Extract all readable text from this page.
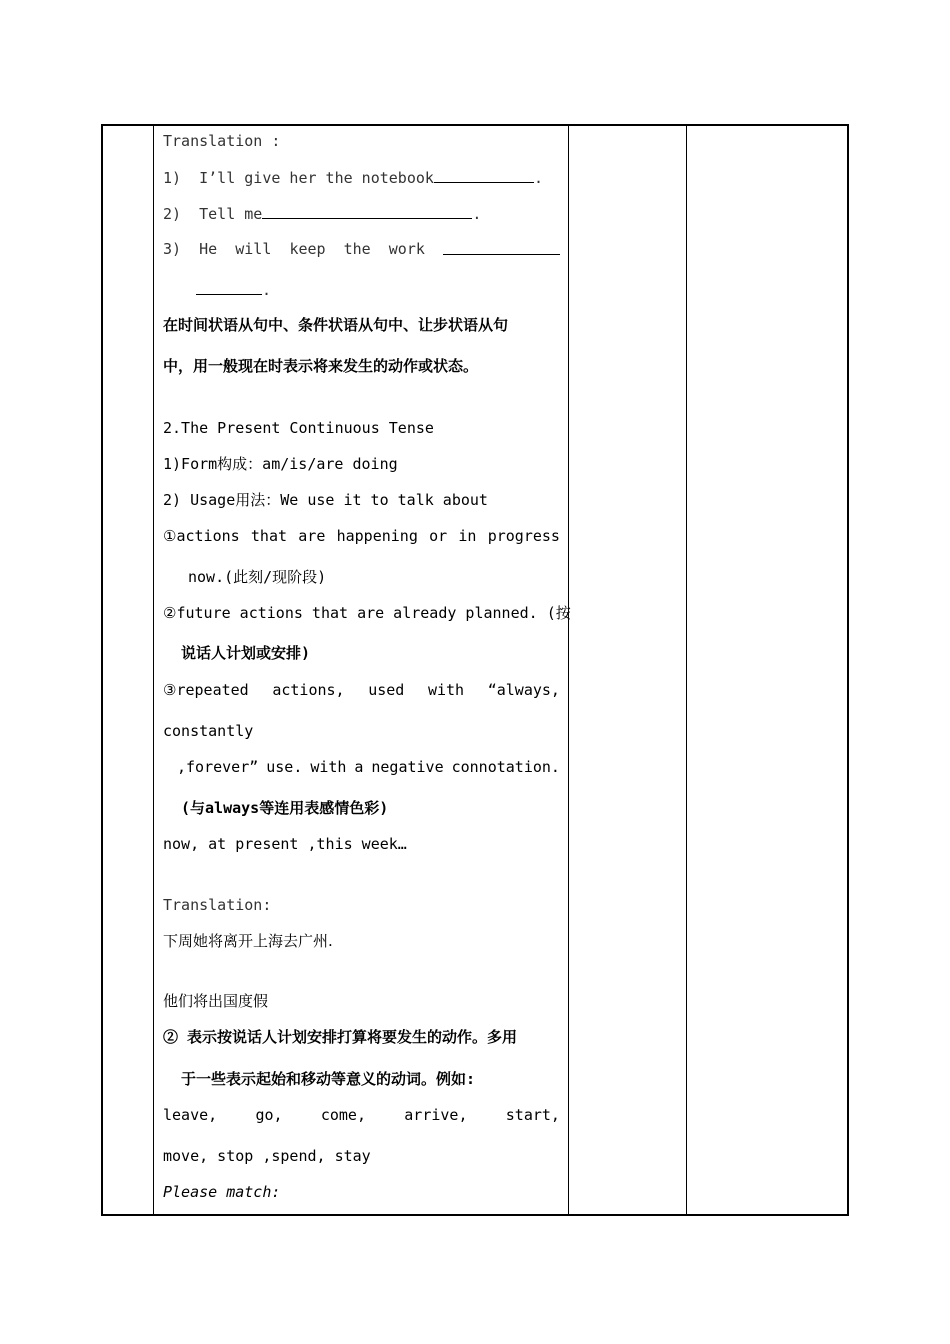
Translation :
1) I’ll give her the notebook	.
2) Tell me	.
3) He will keep the work
.
在时间状语从句中、条件状语从句中、让步状语从句
中，用一般现在时表示将来发生的动作或状态。
2.The Present Continuous Tense
1)Form构成：am/is/are doing
2) Usage用法：We use it to talk about
①actions that are happening or in progress
now.(此刻/现阶段)
②future actions that are already planned. (按
说话人计划或安排)
③repeated actions, used with “always,
constantly
,forever” use. with a negative connotation.
(与always等连用表感情色彩)
now, at present ,this week…
Translation:
下周她将离开上海去广州.
他们将出国度假
② 表示按说话人计划安排打算将要发生的动作。多用
于一些表示起始和移动等意义的动词。例如:
leave,	go,	come,	arrive,	start,
move, stop ,spend, stay
Please match:
